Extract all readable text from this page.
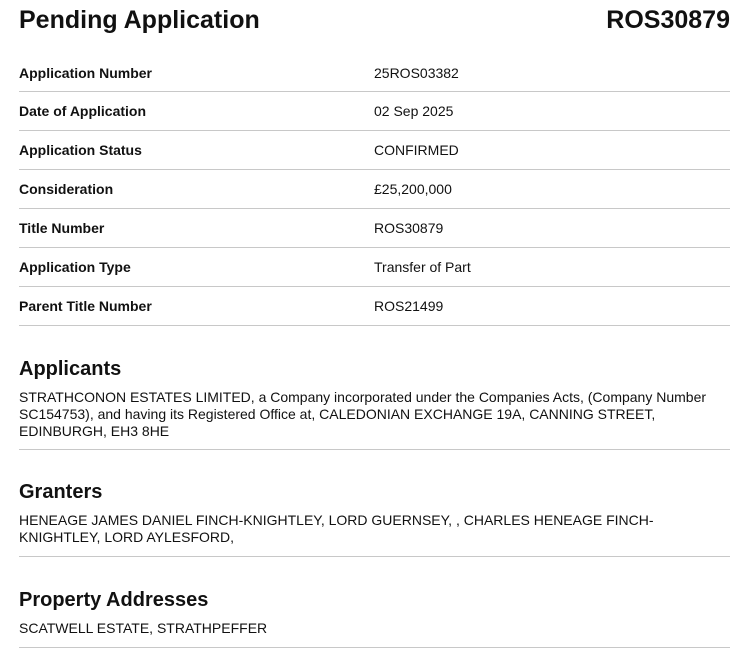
Pending Application	ROS30879
Application Number	25ROS03382
Date of Application	02 Sep 2025
Application Status	CONFIRMED
Consideration	£25,200,000
Title Number	ROS30879
Application Type	Transfer of Part
Parent Title Number	ROS21499
Applicants

STRATHCONON ESTATES LIMITED, a Company incorporated under the Companies Acts, (Company Number SC154753), and having its Registered Office at, CALEDONIAN EXCHANGE 19A, CANNING STREET, EDINBURGH, EH3 8HE

Granters

HENEAGE JAMES DANIEL FINCH-KNIGHTLEY, LORD GUERNSEY, , CHARLES HENEAGE FINCH-KNIGHTLEY, LORD AYLESFORD,

Property Addresses

SCATWELL ESTATE, STRATHPEFFER
